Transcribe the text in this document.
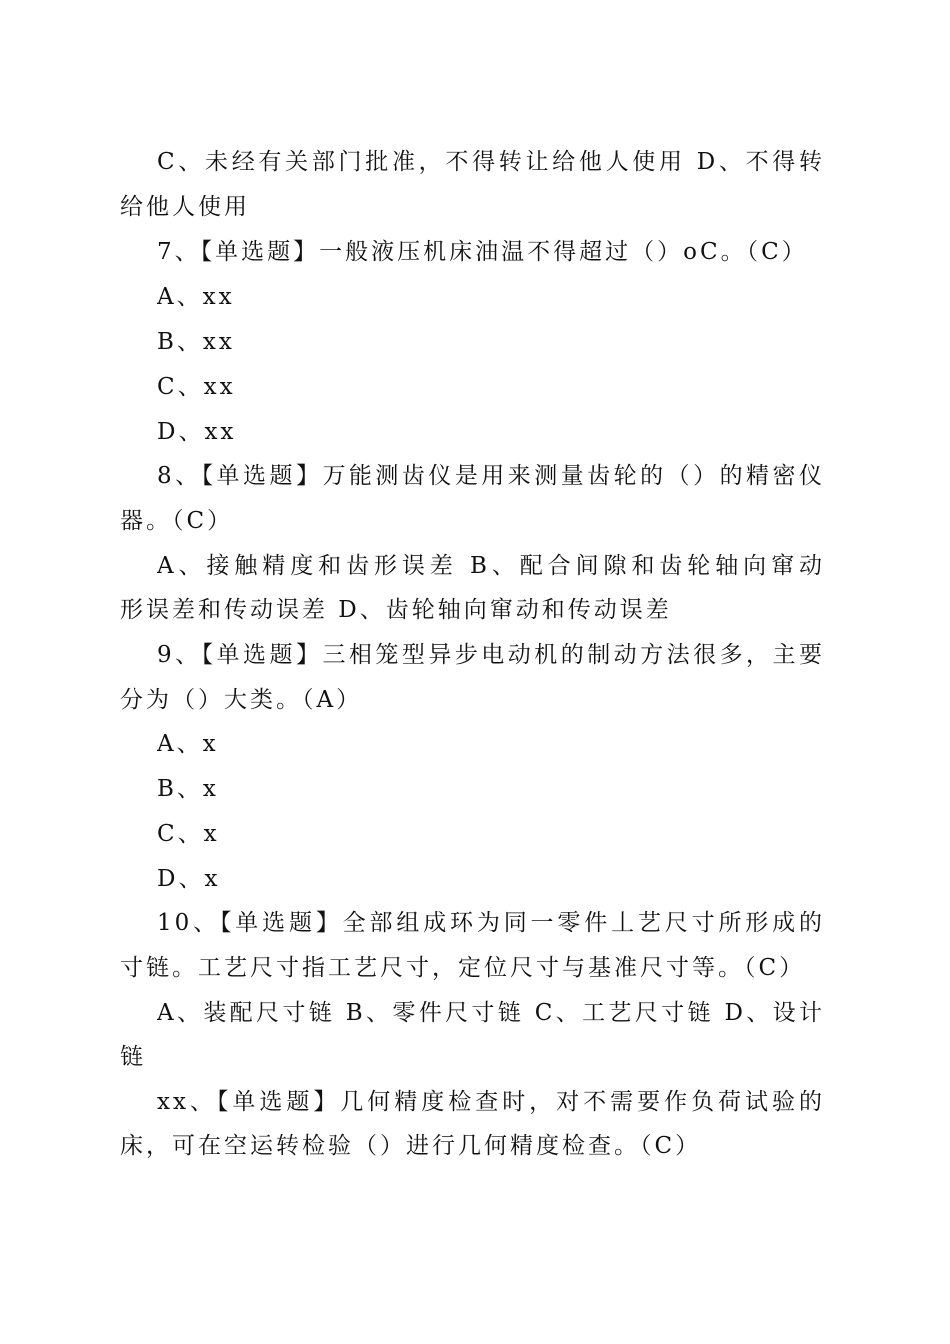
C、未经有关部门批准，不得转让给他人使用 D、不得转
给他人使用
7、【单选题】一般液压机床油温不得超过（）oC。（C）
A、xx
B、xx
C、xx
D、xx
8、【单选题】万能测齿仪是用来测量齿轮的（）的精密仪
器。（C）
A、接触精度和齿形误差 B、配合间隙和齿轮轴向窜动
形误差和传动误差 D、齿轮轴向窜动和传动误差
9、【单选题】三相笼型异步电动机的制动方法很多，主要
分为（）大类。（A）
A、x
B、x
C、x
D、x
10、【单选题】全部组成环为同一零件丄艺尺寸所形成的
寸链。工艺尺寸指工艺尺寸，定位尺寸与基准尺寸等。（C）
A、装配尺寸链 B、零件尺寸链 C、工艺尺寸链 D、设计
链
xx、【单选题】几何精度检查时，对不需要作负荷试验的
床，可在空运转检验（）进行几何精度检查。（C）
